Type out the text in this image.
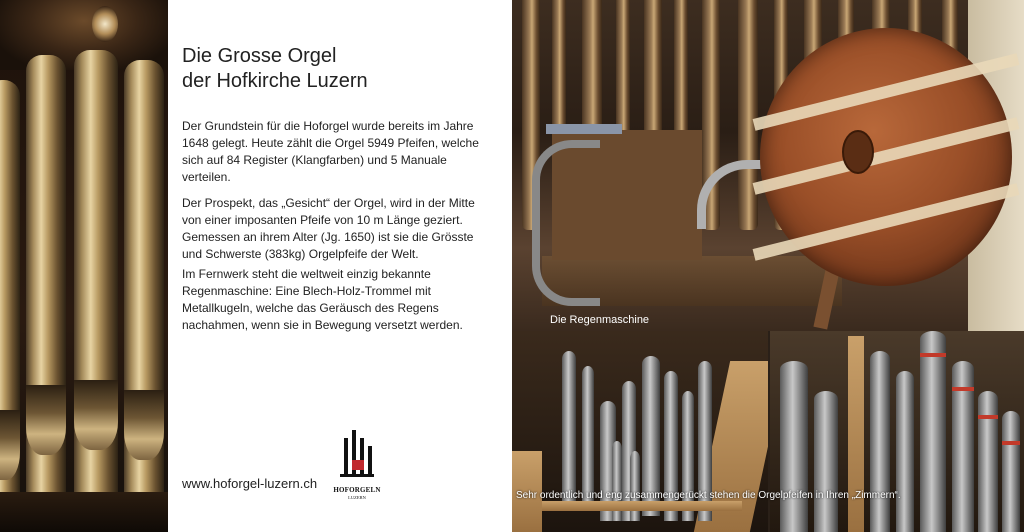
Die Grosse Orgel
der Hofkirche Luzern

Der Grundstein für die Hoforgel wurde bereits im Jahre 1648 gelegt. Heute zählt die Orgel 5949 Pfeifen, welche sich auf 84 Register (Klangfarben) und 5 Manuale verteilen.

Der Prospekt, das „Gesicht“ der Orgel, wird in der Mitte von einer imposanten Pfeife von 10 m Länge geziert. Gemessen an ihrem Alter (Jg. 1650) ist sie die Grösste und Schwerste (383kg) Orgelpfeife der Welt.

Im Fernwerk steht die weltweit einzig bekannte Regenmaschine: Eine Blech-Holz-Trommel mit Metallkugeln, welche das Geräusch des Regens nachahmen, wenn sie in Bewegung versetzt werden.

www.hoforgel-luzern.ch	HOFORGELN
LUZERN
Die Regenmaschine
Sehr ordentlich und eng zusammengerückt stehen die Orgelpfeifen in Ihren „Zimmern“.
